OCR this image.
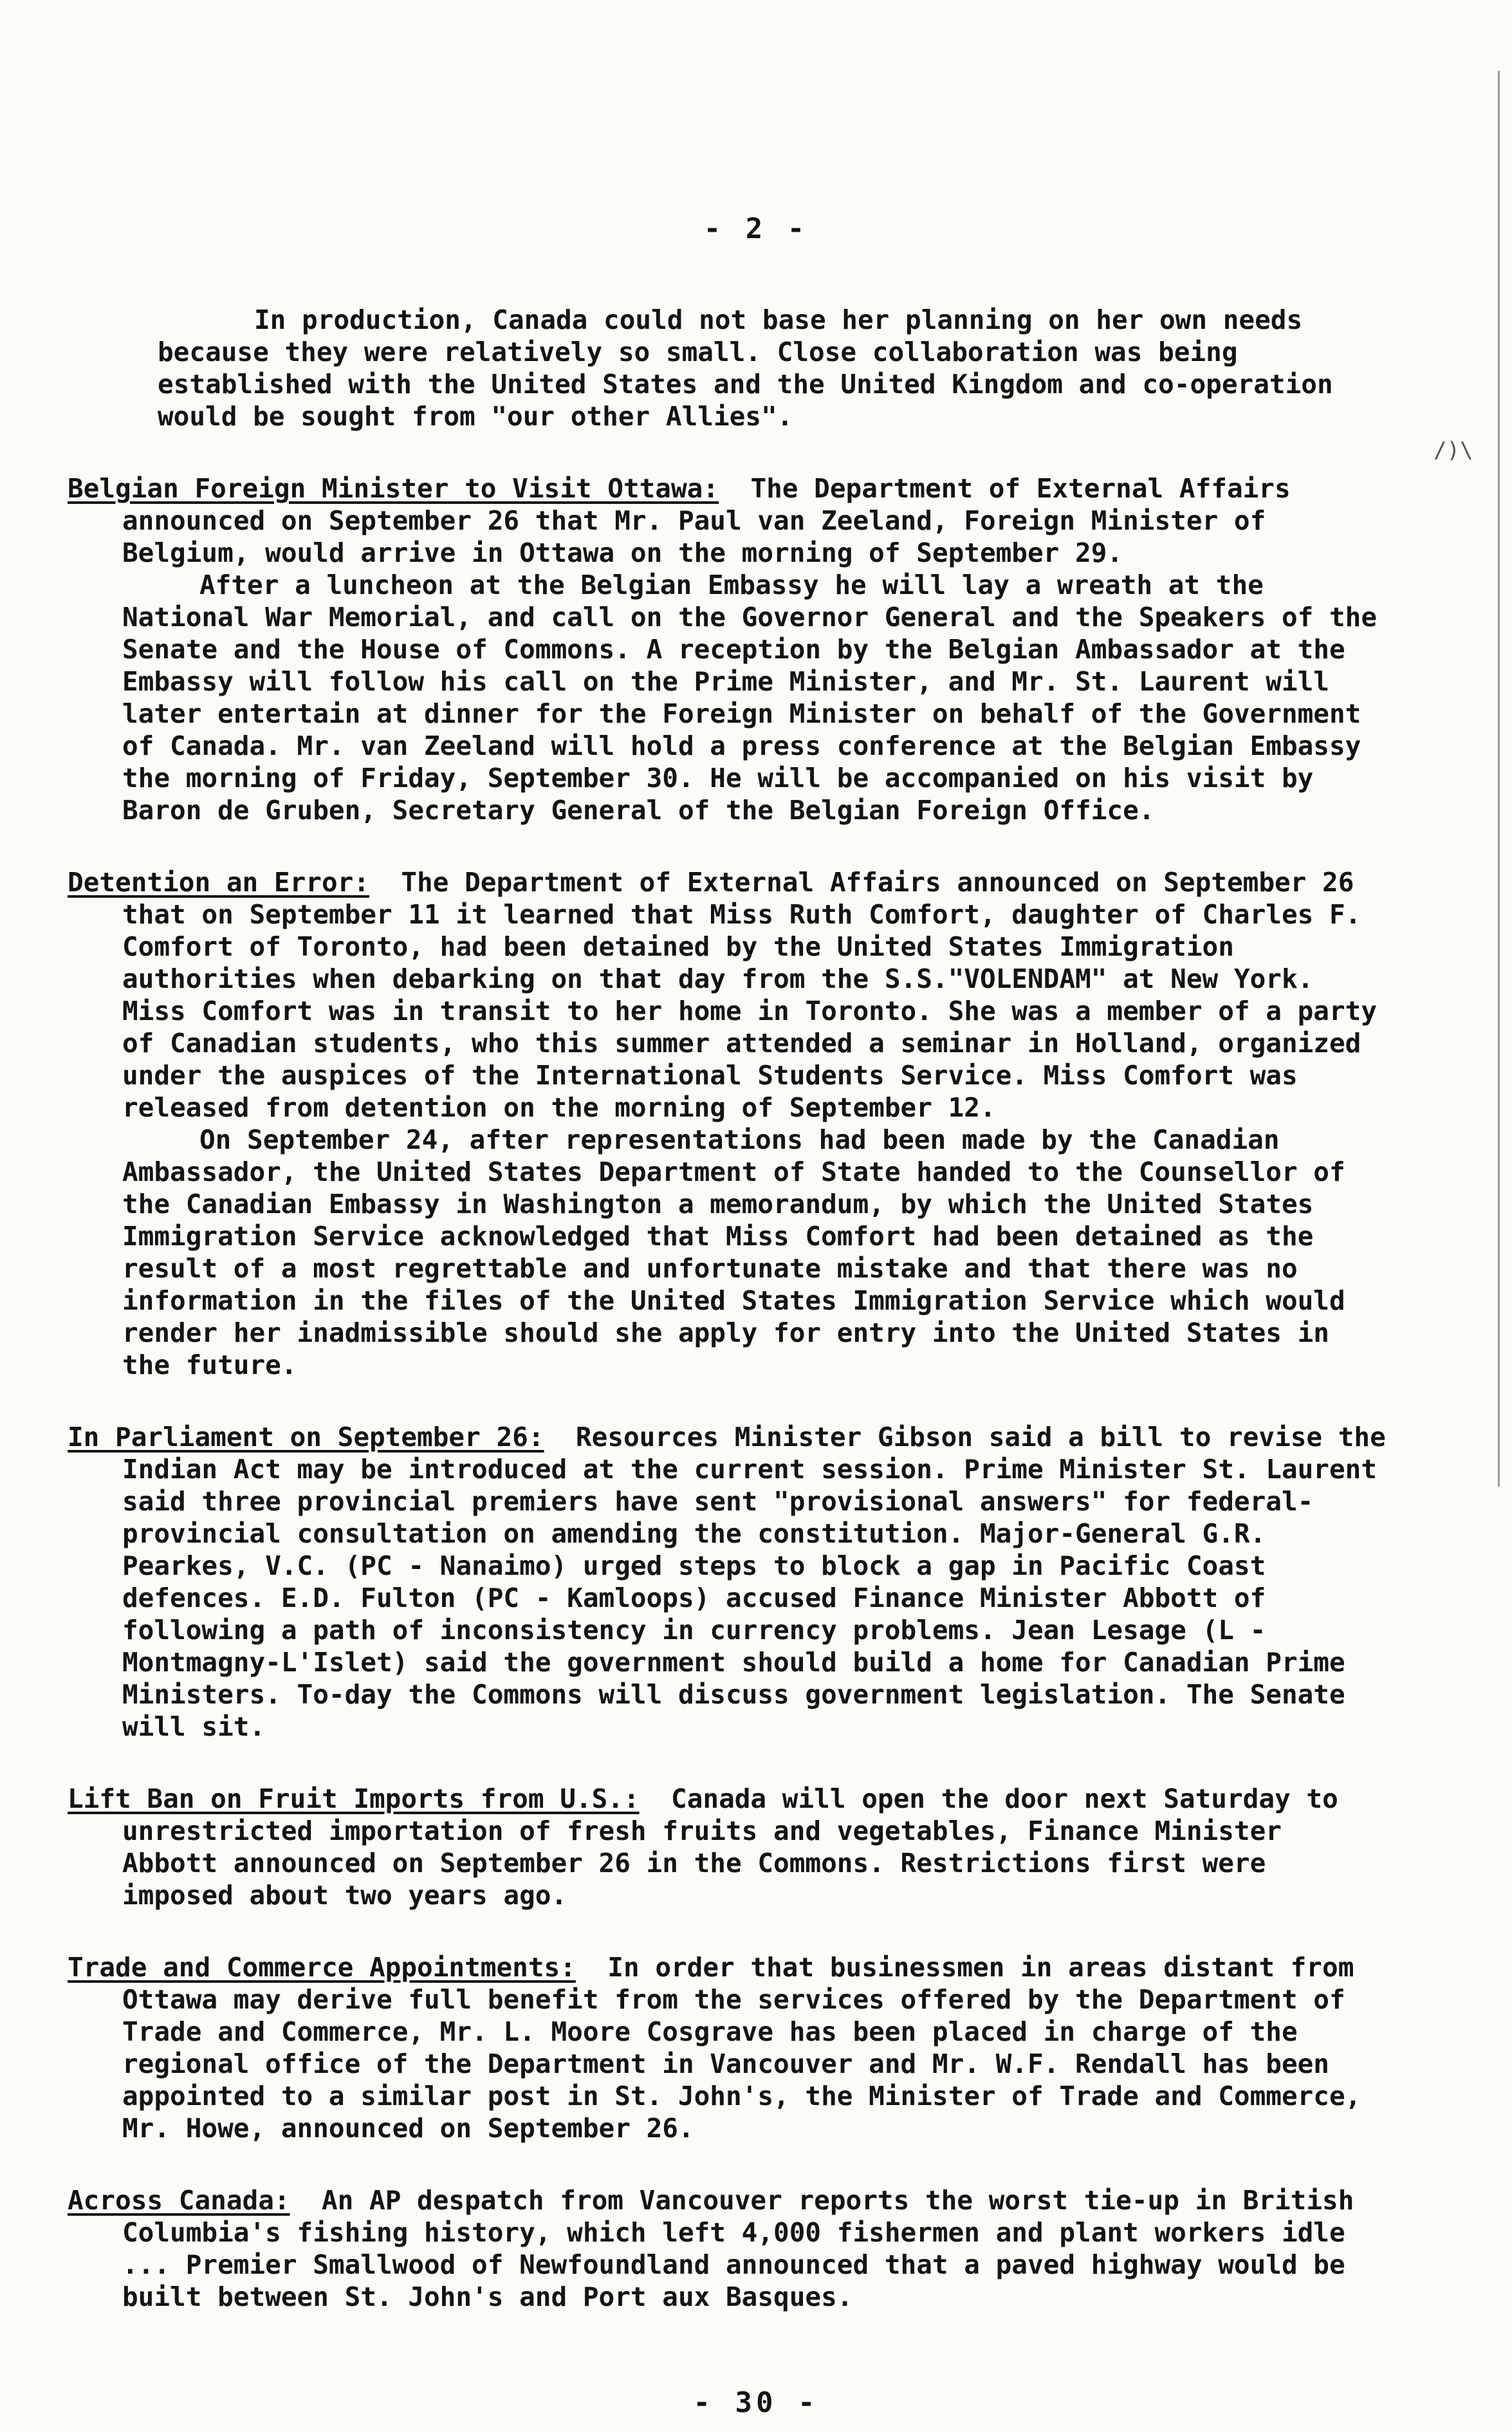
/)\
- 2 -

In production, Canada could not base her planning on her own needs because they were relatively so small. Close collaboration was being established with the United States and the United Kingdom and co-operation would be sought from "our other Allies".

Belgian Foreign Minister to Visit Ottawa: The Department of External Affairs announced on September 26 that Mr. Paul van Zeeland, Foreign Minister of Belgium, would arrive in Ottawa on the morning of September 29.

After a luncheon at the Belgian Embassy he will lay a wreath at the National War Memorial, and call on the Governor General and the Speakers of the Senate and the House of Commons. A reception by the Belgian Ambassador at the Embassy will follow his call on the Prime Minister, and Mr. St. Laurent will later entertain at dinner for the Foreign Minister on behalf of the Government of Canada. Mr. van Zeeland will hold a press conference at the Belgian Embassy the morning of Friday, September 30. He will be accompanied on his visit by Baron de Gruben, Secretary General of the Belgian Foreign Office.

Detention an Error: The Department of External Affairs announced on September 26 that on September 11 it learned that Miss Ruth Comfort, daughter of Charles F. Comfort of Toronto, had been detained by the United States Immigration authorities when debarking on that day from the S.S."VOLENDAM" at New York. Miss Comfort was in transit to her home in Toronto. She was a member of a party of Canadian students, who this summer attended a seminar in Holland, organized under the auspices of the International Students Service. Miss Comfort was released from detention on the morning of September 12.

On September 24, after representations had been made by the Canadian Ambassador, the United States Department of State handed to the Counsellor of the Canadian Embassy in Washington a memorandum, by which the United States Immigration Service acknowledged that Miss Comfort had been detained as the result of a most regrettable and unfortunate mistake and that there was no information in the files of the United States Immigration Service which would render her inadmissible should she apply for entry into the United States in the future.

In Parliament on September 26: Resources Minister Gibson said a bill to revise the Indian Act may be introduced at the current session. Prime Minister St. Laurent said three provincial premiers have sent "provisional answers" for federal-provincial consultation on amending the constitution. Major-General G.R. Pearkes, V.C. (PC - Nanaimo) urged steps to block a gap in Pacific Coast defences. E.D. Fulton (PC - Kamloops) accused Finance Minister Abbott of following a path of inconsistency in currency problems. Jean Lesage (L - Montmagny-L'Islet) said the government should build a home for Canadian Prime Ministers. To-day the Commons will discuss government legislation. The Senate will sit.

Lift Ban on Fruit Imports from U.S.: Canada will open the door next Saturday to unrestricted importation of fresh fruits and vegetables, Finance Minister Abbott announced on September 26 in the Commons. Restrictions first were imposed about two years ago.

Trade and Commerce Appointments: In order that businessmen in areas distant from Ottawa may derive full benefit from the services offered by the Department of Trade and Commerce, Mr. L. Moore Cosgrave has been placed in charge of the regional office of the Department in Vancouver and Mr. W.F. Rendall has been appointed to a similar post in St. John's, the Minister of Trade and Commerce, Mr. Howe, announced on September 26.

Across Canada: An AP despatch from Vancouver reports the worst tie-up in British Columbia's fishing history, which left 4,000 fishermen and plant workers idle ... Premier Smallwood of Newfoundland announced that a paved highway would be built between St. John's and Port aux Basques.

- 30 -
